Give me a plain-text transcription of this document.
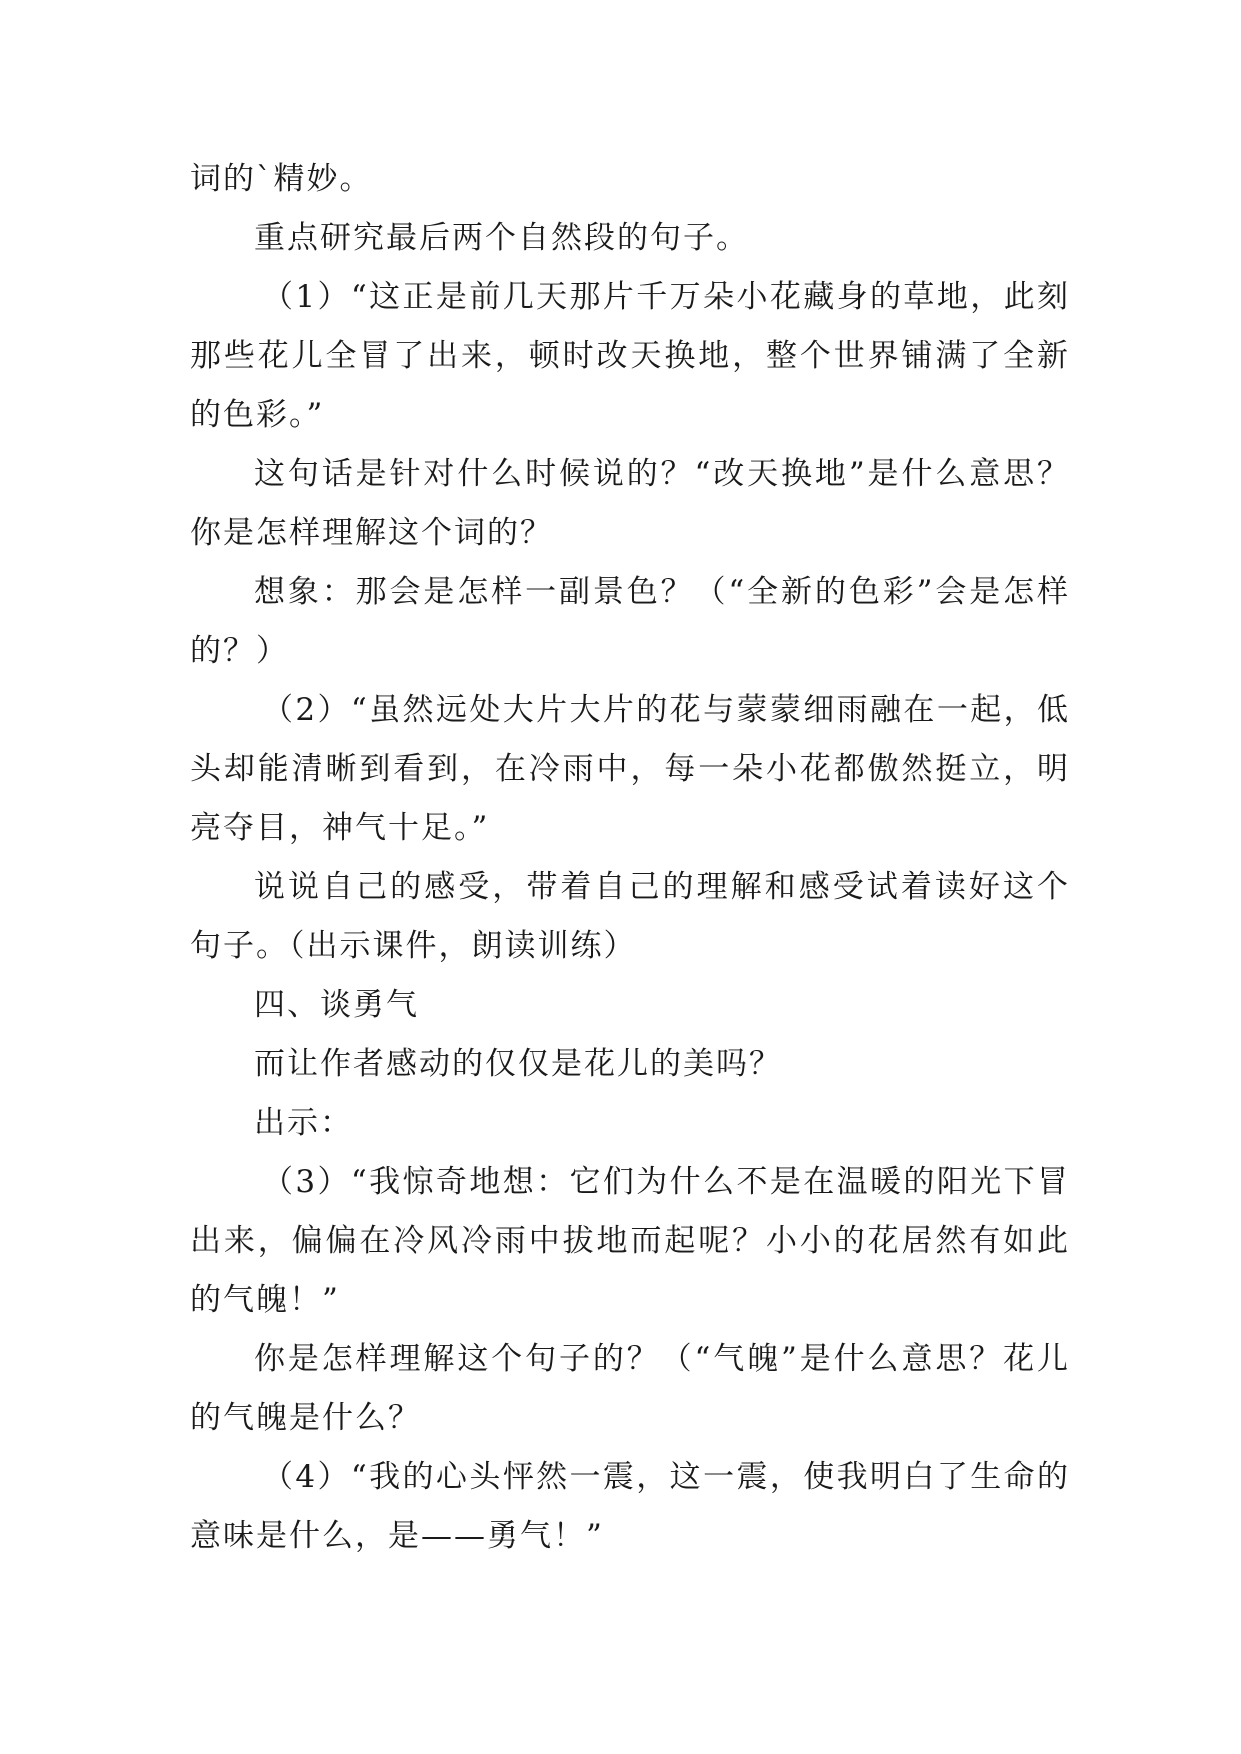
词的`精妙。

重点研究最后两个自然段的句子。

（1）“这正是前几天那片千万朵小花藏身的草地，此刻那些花儿全冒了出来，顿时改天换地，整个世界铺满了全新的色彩。”

这句话是针对什么时候说的？“改天换地”是什么意思？你是怎样理解这个词的？

想象：那会是怎样一副景色？（“全新的色彩”会是怎样的？）

（2）“虽然远处大片大片的花与蒙蒙细雨融在一起，低头却能清晰到看到，在冷雨中，每一朵小花都傲然挺立，明亮夺目，神气十足。”

说说自己的感受，带着自己的理解和感受试着读好这个句子。（出示课件，朗读训练）

四、谈勇气

而让作者感动的仅仅是花儿的美吗？

出示：

（3）“我惊奇地想：它们为什么不是在温暖的阳光下冒出来，偏偏在冷风冷雨中拔地而起呢？小小的花居然有如此的气魄！”

你是怎样理解这个句子的？（“气魄”是什么意思？花儿的气魄是什么？

（4）“我的心头怦然一震，这一震，使我明白了生命的意味是什么，是——勇气！”
